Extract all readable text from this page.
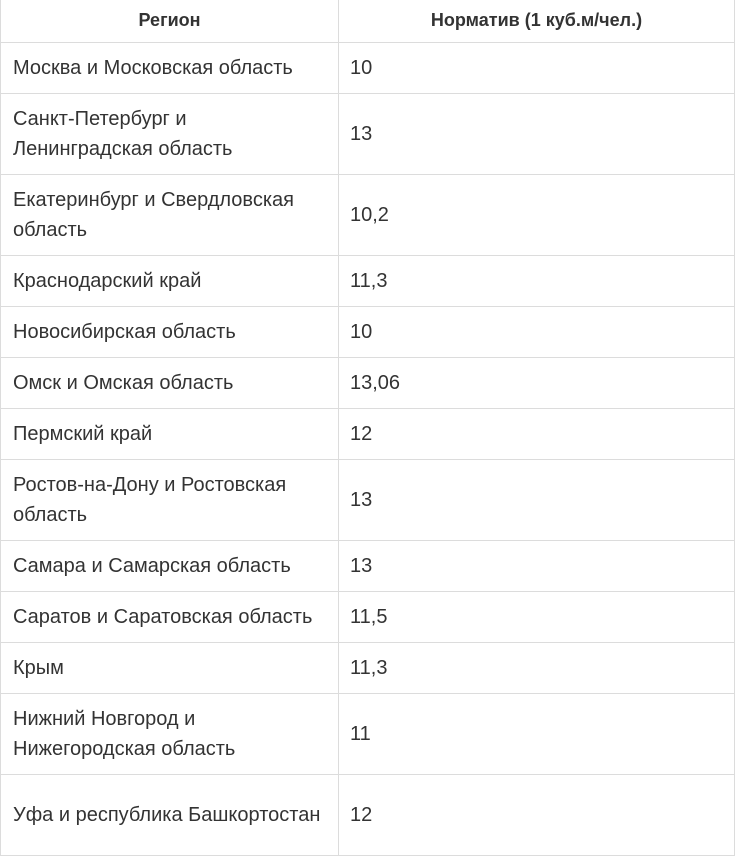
Регион	Норматив (1 куб.м/чел.)
Москва и Московская область	10
Санкт-Петербург и Ленинградская область	13
Екатеринбург и Свердловская область	10,2
Краснодарский край	11,3
Новосибирская область	10
Омск и Омская область	13,06
Пермский край	12
Ростов-на-Дону и Ростовская область	13
Самара и Самарская область	13
Саратов и Саратовская область	11,5
Крым	11,3
Нижний Новгород и Нижегородская область	11
Уфа и республика Башкортостан	12
